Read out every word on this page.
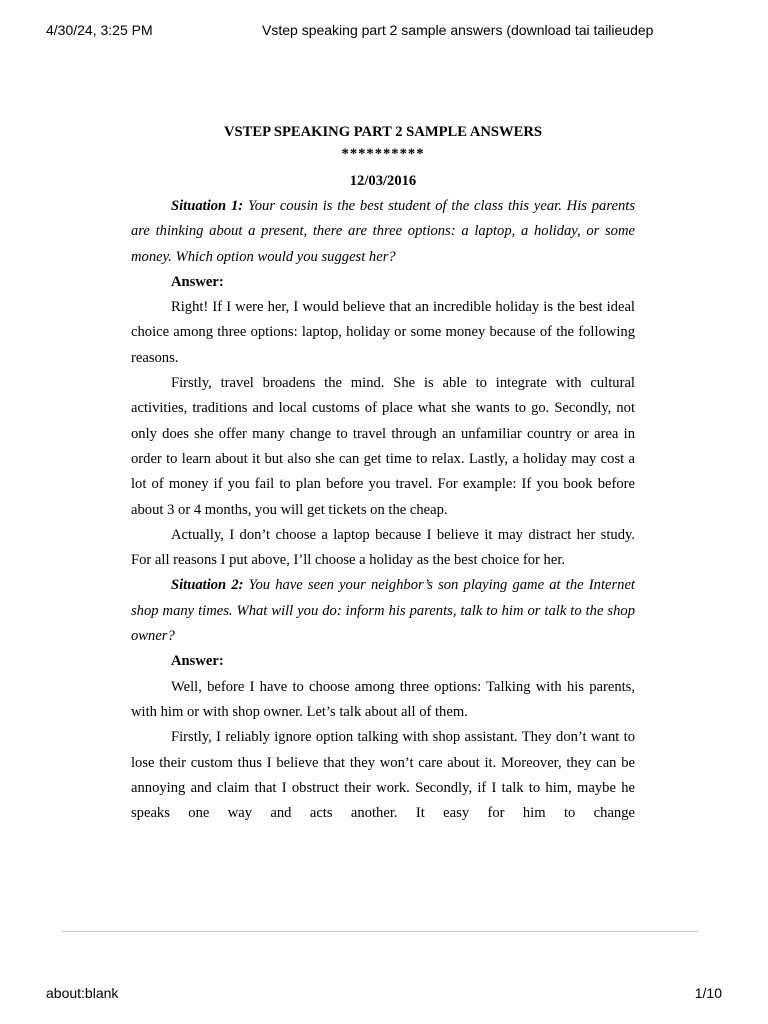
4/30/24, 3:25 PM	Vstep speaking part 2 sample answers (download tai tailieudep
VSTEP SPEAKING PART 2 SAMPLE ANSWERS
**********
12/03/2016

Situation 1: Your cousin is the best student of the class this year. His parents are thinking about a present, there are three options: a laptop, a holiday, or some money. Which option would you suggest her?

Answer:

Right! If I were her, I would believe that an incredible holiday is the best ideal choice among three options: laptop, holiday or some money because of the following reasons.

Firstly, travel broadens the mind. She is able to integrate with cultural activities, traditions and local customs of place what she wants to go. Secondly, not only does she offer many change to travel through an unfamiliar country or area in order to learn about it but also she can get time to relax. Lastly, a holiday may cost a lot of money if you fail to plan before you travel. For example: If you book before about 3 or 4 months, you will get tickets on the cheap.

Actually, I don’t choose a laptop because I believe it may distract her study. For all reasons I put above, I’ll choose a holiday as the best choice for her.

Situation 2: You have seen your neighbor’s son playing game at the Internet shop many times. What will you do: inform his parents, talk to him or talk to the shop owner?

Answer:

Well, before I have to choose among three options: Talking with his parents, with him or with shop owner. Let’s talk about all of them.

Firstly, I reliably ignore option talking with shop assistant. They don’t want to lose their custom thus I believe that they won’t care about it. Moreover, they can be annoying and claim that I obstruct their work. Secondly, if I talk to him, maybe he speaks one way and acts another. It easy for him to change

about:blank	1/10
